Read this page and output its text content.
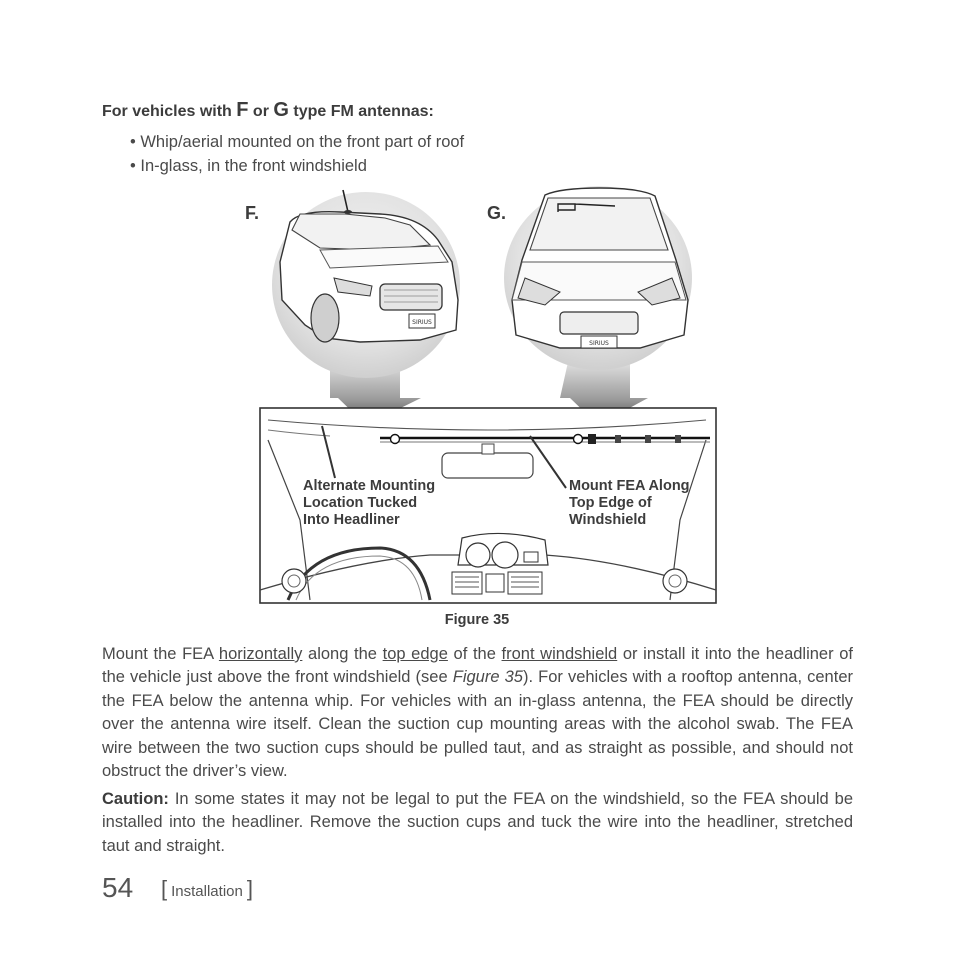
For vehicles with F or G type FM antennas:
• Whip/aerial mounted on the front part of roof
• In-glass, in the front windshield
SIRIUS
SIRIUS
F.	G.
Alternate Mounting
Location Tucked
Into Headliner
Mount FEA Along
Top Edge of
Windshield
Figure 35
Mount the FEA horizontally along the top edge of the front windshield or install it into the headliner of the vehicle just above the front windshield (see Figure 35). For vehicles with a rooftop antenna, center the FEA below the antenna whip. For vehicles with an in-glass antenna, the FEA should be directly over the antenna wire itself. Clean the suction cup mounting areas with the alcohol swab. The FEA wire between the two suction cups should be pulled taut, and as straight as possible, and should not obstruct the driver’s view.
Caution: In some states it may not be legal to put the FEA on the windshield, so the FEA should be installed into the headliner. Remove the suction cups and tuck the wire into the headliner, stretched taut and straight.
54 [ Installation ]
